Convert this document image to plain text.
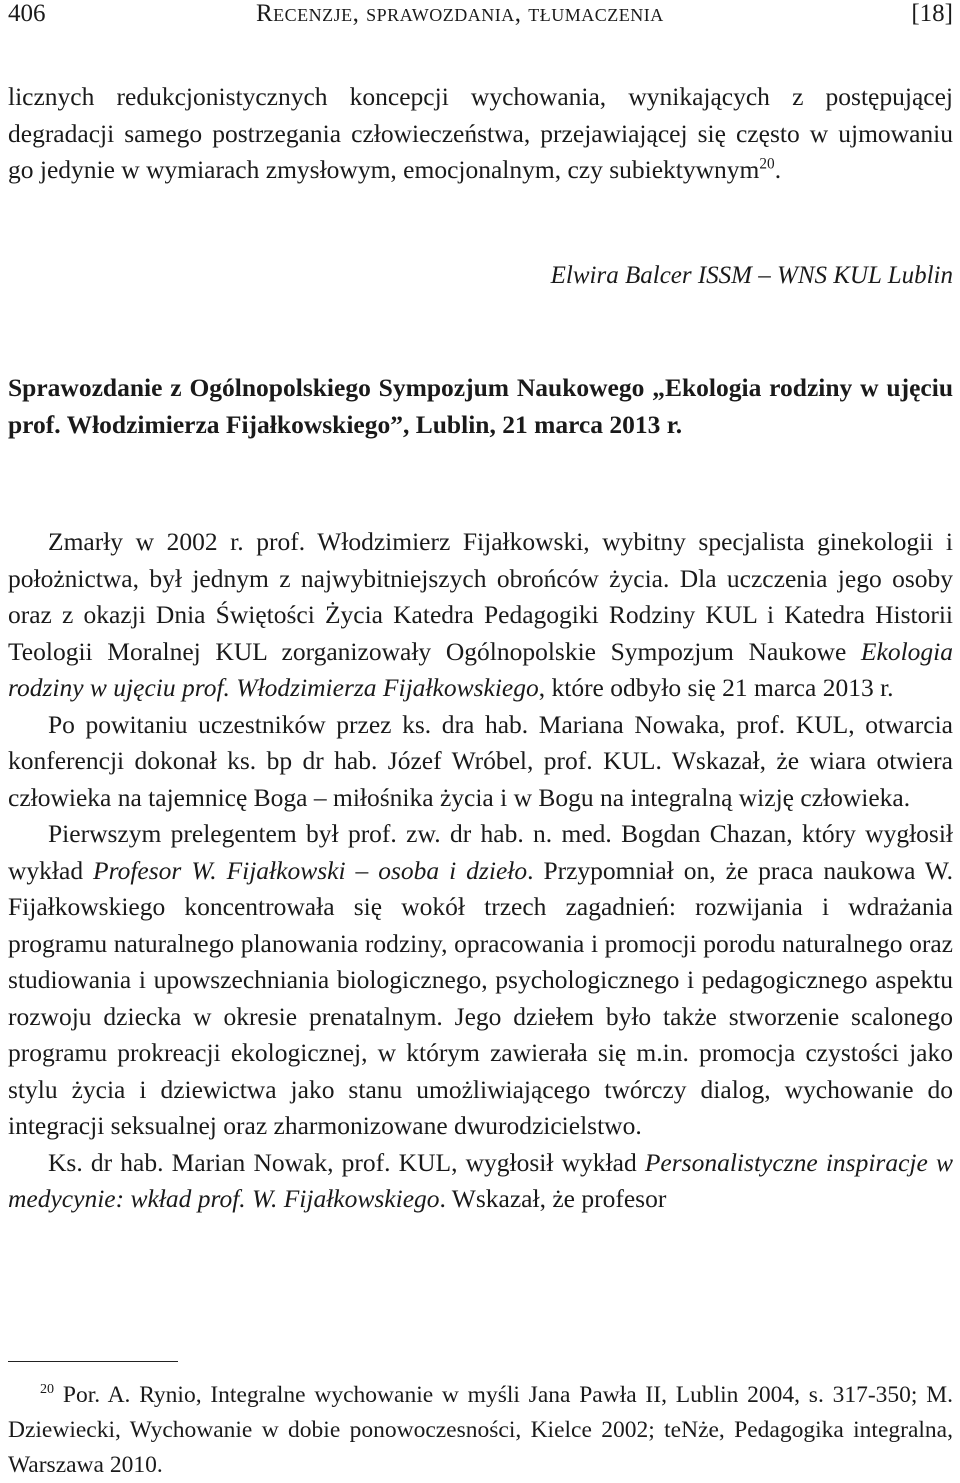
406	Recenzje, sprawozdania, tłumaczenia	[18]

licznych redukcjonistycznych koncepcji wychowania, wynikających z postępującej degradacji samego postrzegania człowieczeństwa, przejawiającej się często w ujmowaniu go jedynie w wymiarach zmysłowym, emocjonalnym, czy subiektywnym$^{20}$.

Elwira Balcer ISSM – WNS KUL Lublin

Sprawozdanie z Ogólnopolskiego Sympozjum Naukowego „Ekologia rodziny w ujęciu prof. Włodzimierza Fijałkowskiego”, Lublin, 21 marca 2013 r.

Zmarły w 2002 r. prof. Włodzimierz Fijałkowski, wybitny specjalista ginekologii i położnictwa, był jednym z najwybitniejszych obrońców życia. Dla uczczenia jego osoby oraz z okazji Dnia Świętości Życia Katedra Pedagogiki Rodziny KUL i Katedra Historii Teologii Moralnej KUL zorganizowały Ogólnopolskie Sympozjum Naukowe Ekologia rodziny w ujęciu prof. Włodzimierza Fijałkowskiego, które odbyło się 21 marca 2013 r.

Po powitaniu uczestników przez ks. dra hab. Mariana Nowaka, prof. KUL, otwarcia konferencji dokonał ks. bp dr hab. Józef Wróbel, prof. KUL. Wskazał, że wiara otwiera człowieka na tajemnicę Boga – miłośnika życia i w Bogu na integralną wizję człowieka.

Pierwszym prelegentem był prof. zw. dr hab. n. med. Bogdan Chazan, który wygłosił wykład Profesor W. Fijałkowski – osoba i dzieło. Przypomniał on, że praca naukowa W. Fijałkowskiego koncentrowała się wokół trzech zagadnień: rozwijania i wdrażania programu naturalnego planowania rodziny, opracowania i promocji porodu naturalnego oraz studiowania i upowszechniania biologicznego, psychologicznego i pedagogicznego aspektu rozwoju dziecka w okresie prenatalnym. Jego dziełem było także stworzenie scalonego programu prokreacji ekologicznej, w którym zawierała się m.in. promocja czystości jako stylu życia i dziewictwa jako stanu umożliwiającego twórczy dialog, wychowanie do integracji seksualnej oraz zharmonizowane dwurodzicielstwo.

Ks. dr hab. Marian Nowak, prof. KUL, wygłosił wykład Personalistyczne inspiracje w medycynie: wkład prof. W. Fijałkowskiego. Wskazał, że profesor

$^{20}$ Por. A. Rynio, Integralne wychowanie w myśli Jana Pawła II, Lublin 2004, s. 317-350; M. Dziewiecki, Wychowanie w dobie ponowoczesności, Kielce 2002; teNże, Pedagogika integralna, Warszawa 2010.
